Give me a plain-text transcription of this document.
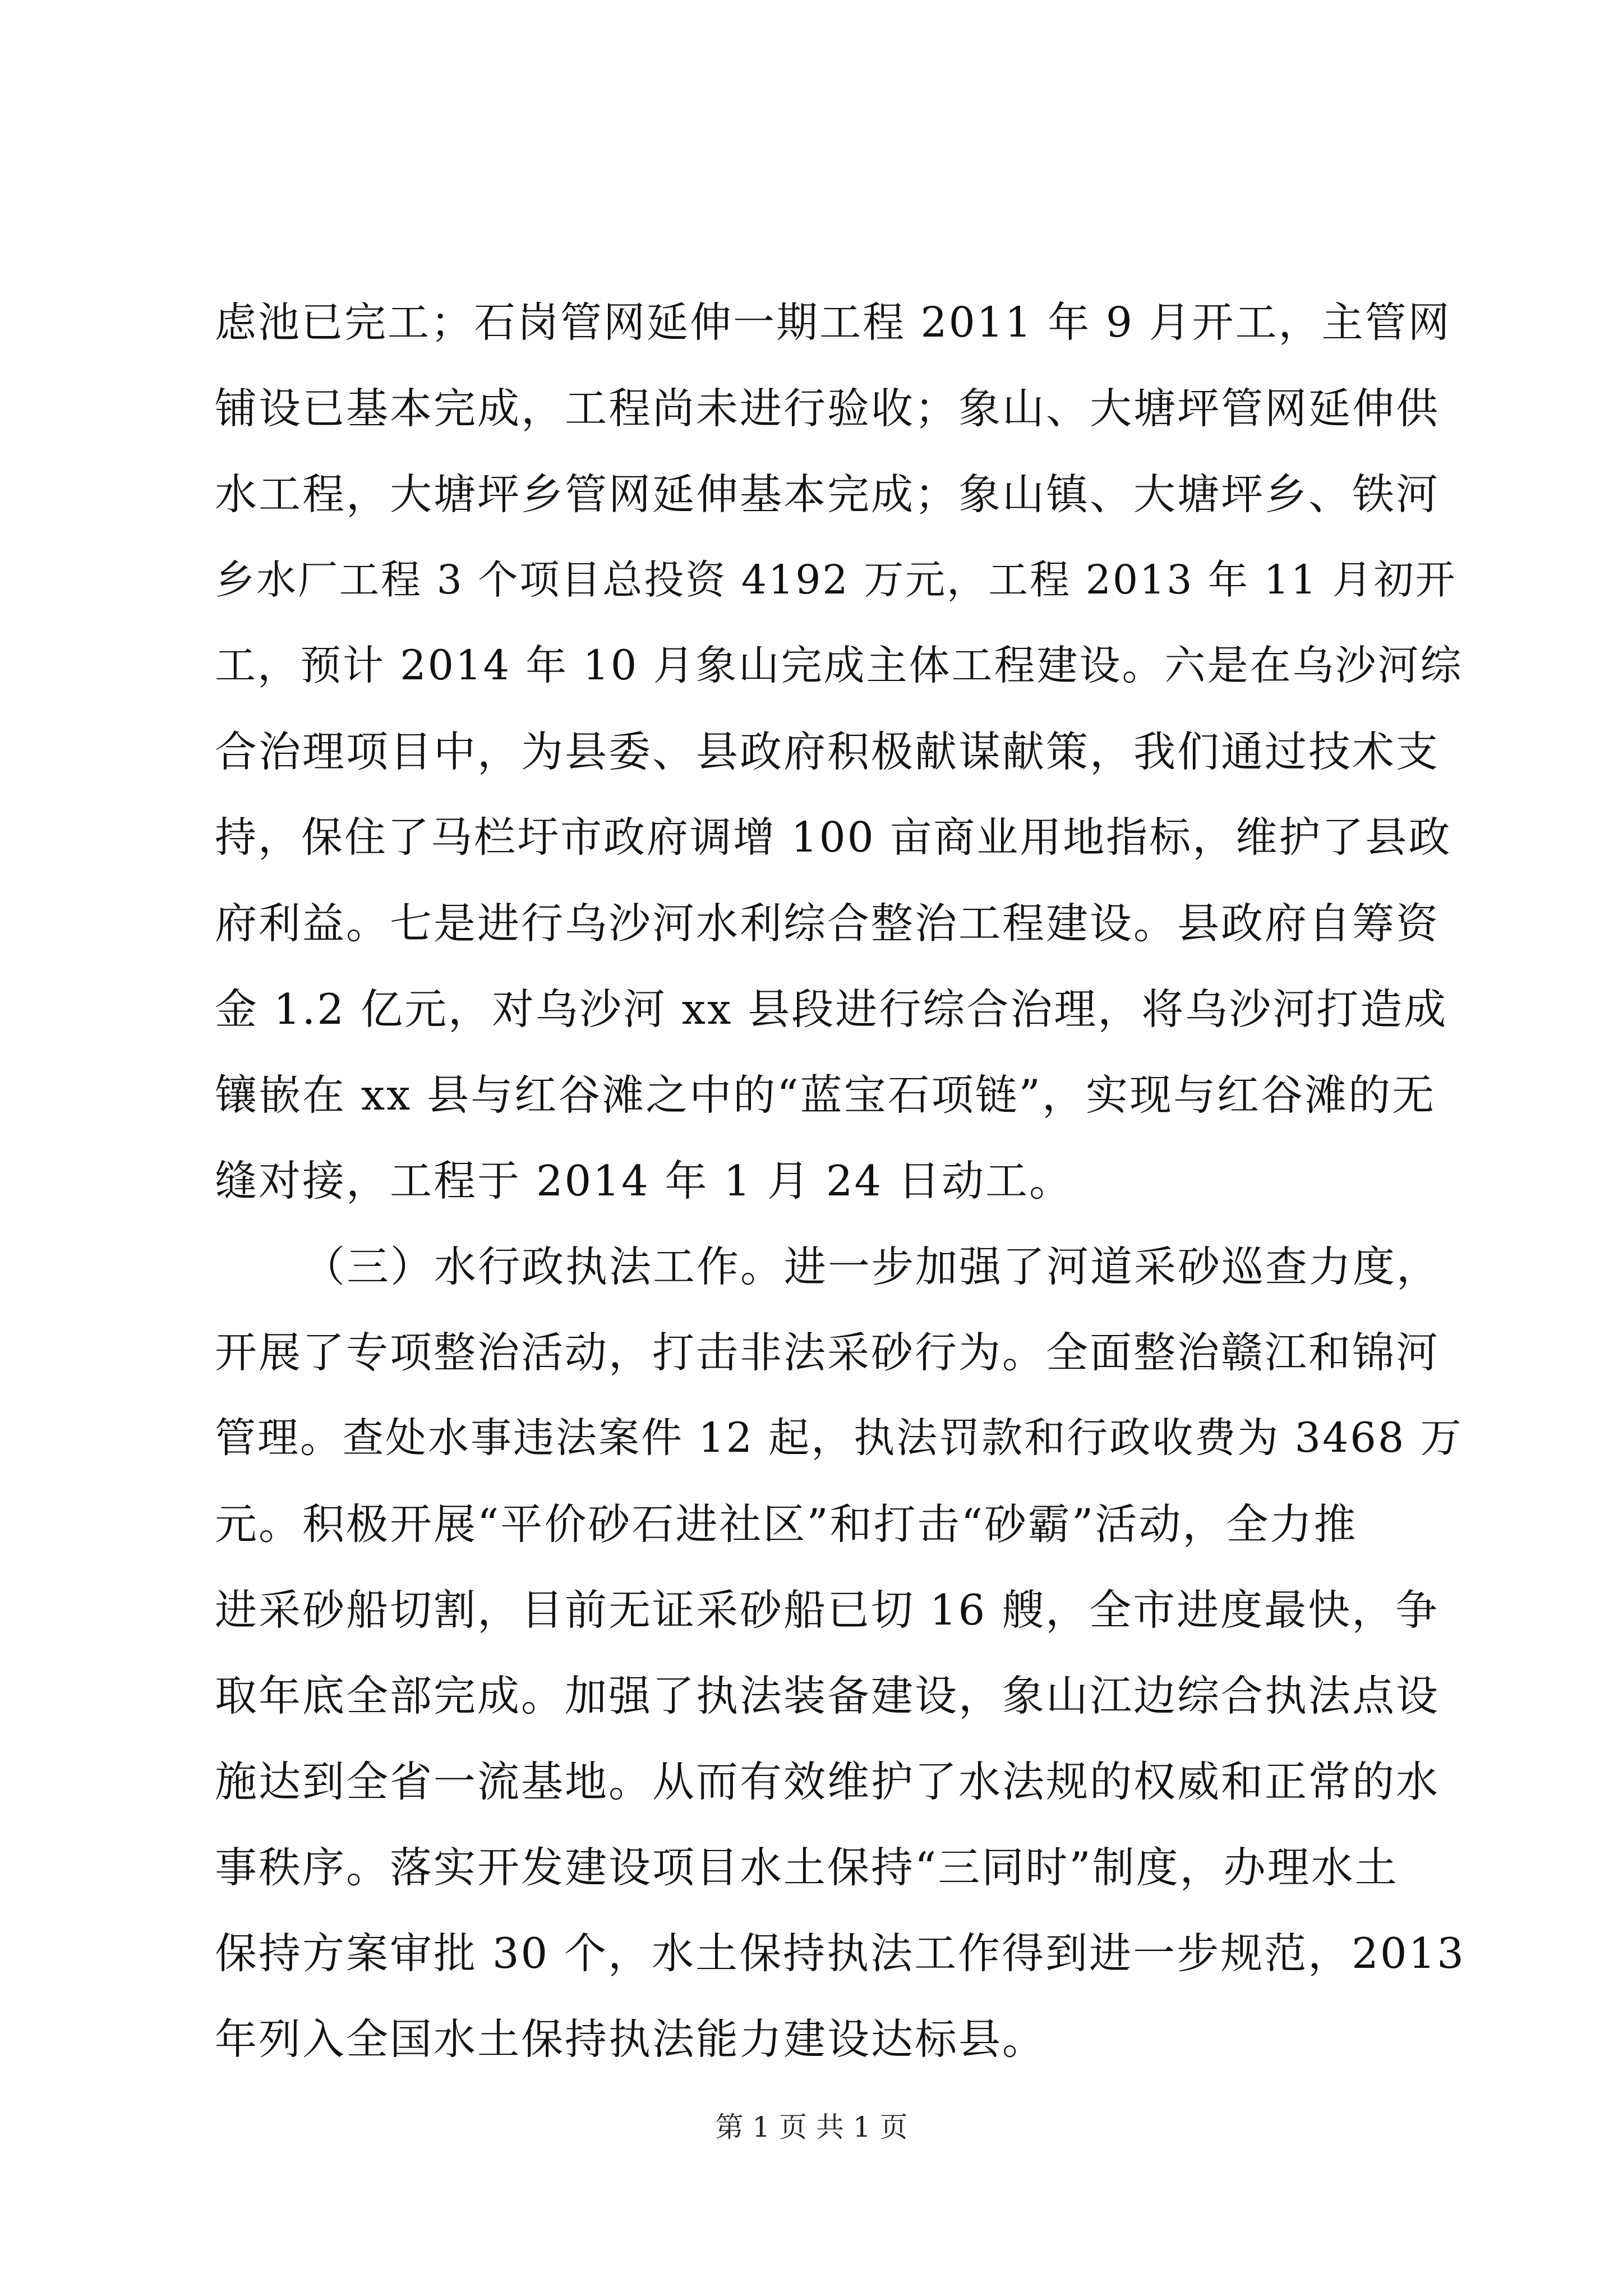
虑池已完工；石岗管网延伸一期工程 2011 年 9 月开工，主管网
铺设已基本完成，工程尚未进行验收；象山、大塘坪管网延伸供
水工程，大塘坪乡管网延伸基本完成；象山镇、大塘坪乡、铁河
乡水厂工程 3 个项目总投资 4192 万元，工程 2013 年 11 月初开
工，预计 2014 年 10 月象山完成主体工程建设。六是在乌沙河综
合治理项目中，为县委、县政府积极献谋献策，我们通过技术支
持，保住了马栏圩市政府调增 100 亩商业用地指标，维护了县政
府利益。七是进行乌沙河水利综合整治工程建设。县政府自筹资
金 1.2 亿元，对乌沙河 xx 县段进行综合治理，将乌沙河打造成
镶嵌在 xx 县与红谷滩之中的“蓝宝石项链”，实现与红谷滩的无
缝对接，工程于 2014 年 1 月 24 日动工。
（三）水行政执法工作。进一步加强了河道采砂巡查力度，
开展了专项整治活动，打击非法采砂行为。全面整治赣江和锦河
管理。查处水事违法案件 12 起，执法罚款和行政收费为 3468 万
元。积极开展“平价砂石进社区”和打击“砂霸”活动，全力推
进采砂船切割，目前无证采砂船已切 16 艘，全市进度最快，争
取年底全部完成。加强了执法装备建设，象山江边综合执法点设
施达到全省一流基地。从而有效维护了水法规的权威和正常的水
事秩序。落实开发建设项目水土保持“三同时”制度，办理水土
保持方案审批 30 个，水土保持执法工作得到进一步规范，2013
年列入全国水土保持执法能力建设达标县。
第 1 页 共 1 页
